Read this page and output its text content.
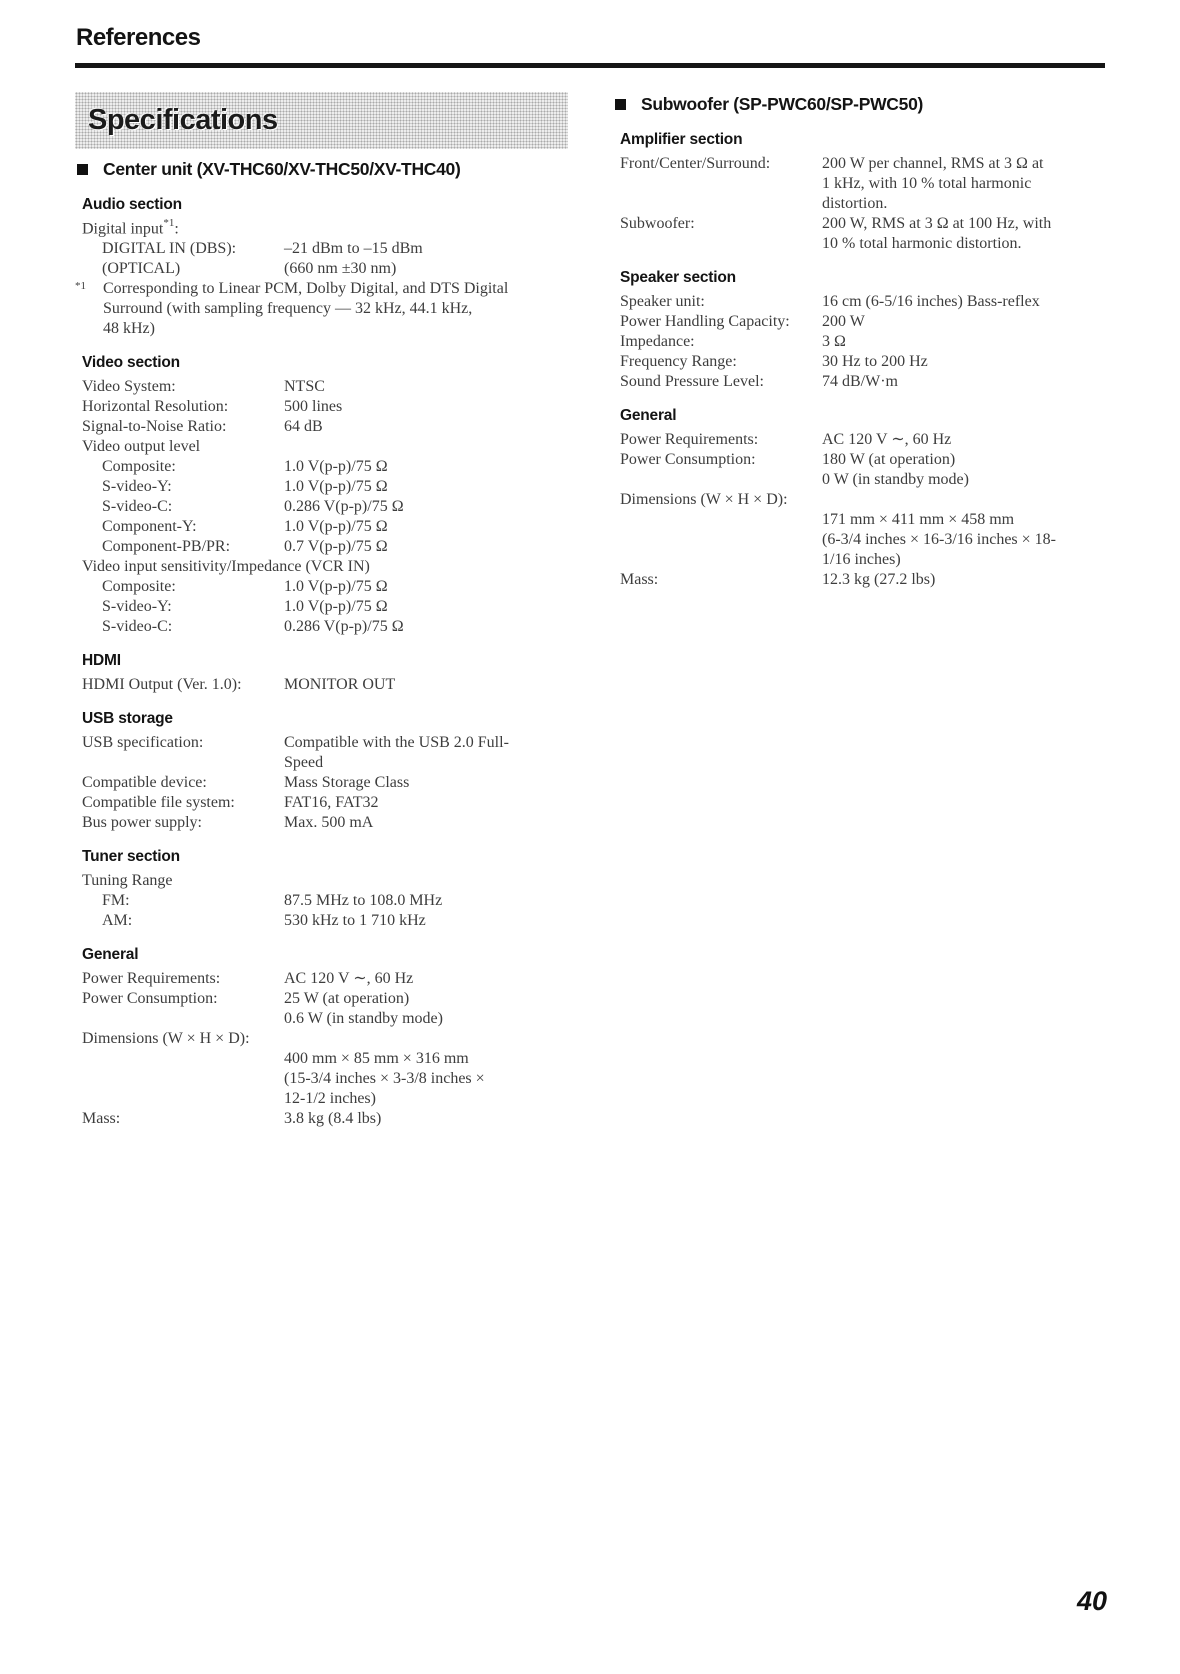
References
Specifications
Center unit (XV-THC60/XV-THC50/XV-THC40)
Audio section
Digital input$^{*1}$:
DIGITAL IN (DBS):	–21 dBm to –15 dBm
(OPTICAL)	(660 nm ±30 nm)
*1	Corresponding to Linear PCM, Dolby Digital, and DTS Digital
Surround (with sampling frequency — 32 kHz, 44.1 kHz,
48 kHz)
Video section
Video System:	NTSC
Horizontal Resolution:	500 lines
Signal-to-Noise Ratio:	64 dB
Video output level
Composite:	1.0 V(p-p)/75 Ω
S-video-Y:	1.0 V(p-p)/75 Ω
S-video-C:	0.286 V(p-p)/75 Ω
Component-Y:	1.0 V(p-p)/75 Ω
Component-PB/PR:	0.7 V(p-p)/75 Ω
Video input sensitivity/Impedance (VCR IN)
Composite:	1.0 V(p-p)/75 Ω
S-video-Y:	1.0 V(p-p)/75 Ω
S-video-C:	0.286 V(p-p)/75 Ω
HDMI
HDMI Output (Ver. 1.0):	MONITOR OUT
USB storage
USB specification:	Compatible with the USB 2.0 Full-
Speed
Compatible device:	Mass Storage Class
Compatible file system:	FAT16, FAT32
Bus power supply:	Max. 500 mA
Tuner section
Tuning Range
FM:	87.5 MHz to 108.0 MHz
AM:	530 kHz to 1 710 kHz
General
Power Requirements:	AC 120 V ∼, 60 Hz
Power Consumption:	25 W (at operation)
0.6 W (in standby mode)
Dimensions (W × H × D):
400 mm × 85 mm × 316 mm
(15-3/4 inches × 3-3/8 inches ×
12-1/2 inches)
Mass:	3.8 kg (8.4 lbs)
Subwoofer (SP-PWC60/SP-PWC50)
Amplifier section
Front/Center/Surround:	200 W per channel, RMS at 3 Ω at
1 kHz, with 10 % total harmonic
distortion.
Subwoofer:	200 W, RMS at 3 Ω at 100 Hz, with
10 % total harmonic distortion.
Speaker section
Speaker unit:	16 cm (6-5/16 inches) Bass-reflex
Power Handling Capacity:	200 W
Impedance:	3 Ω
Frequency Range:	30 Hz to 200 Hz
Sound Pressure Level:	74 dB/W·m
General
Power Requirements:	AC 120 V ∼, 60 Hz
Power Consumption:	180 W (at operation)
0 W (in standby mode)
Dimensions (W × H × D):
171 mm × 411 mm × 458 mm
(6-3/4 inches × 16-3/16 inches × 18-
1/16 inches)
Mass:	12.3 kg (27.2 lbs)
40
